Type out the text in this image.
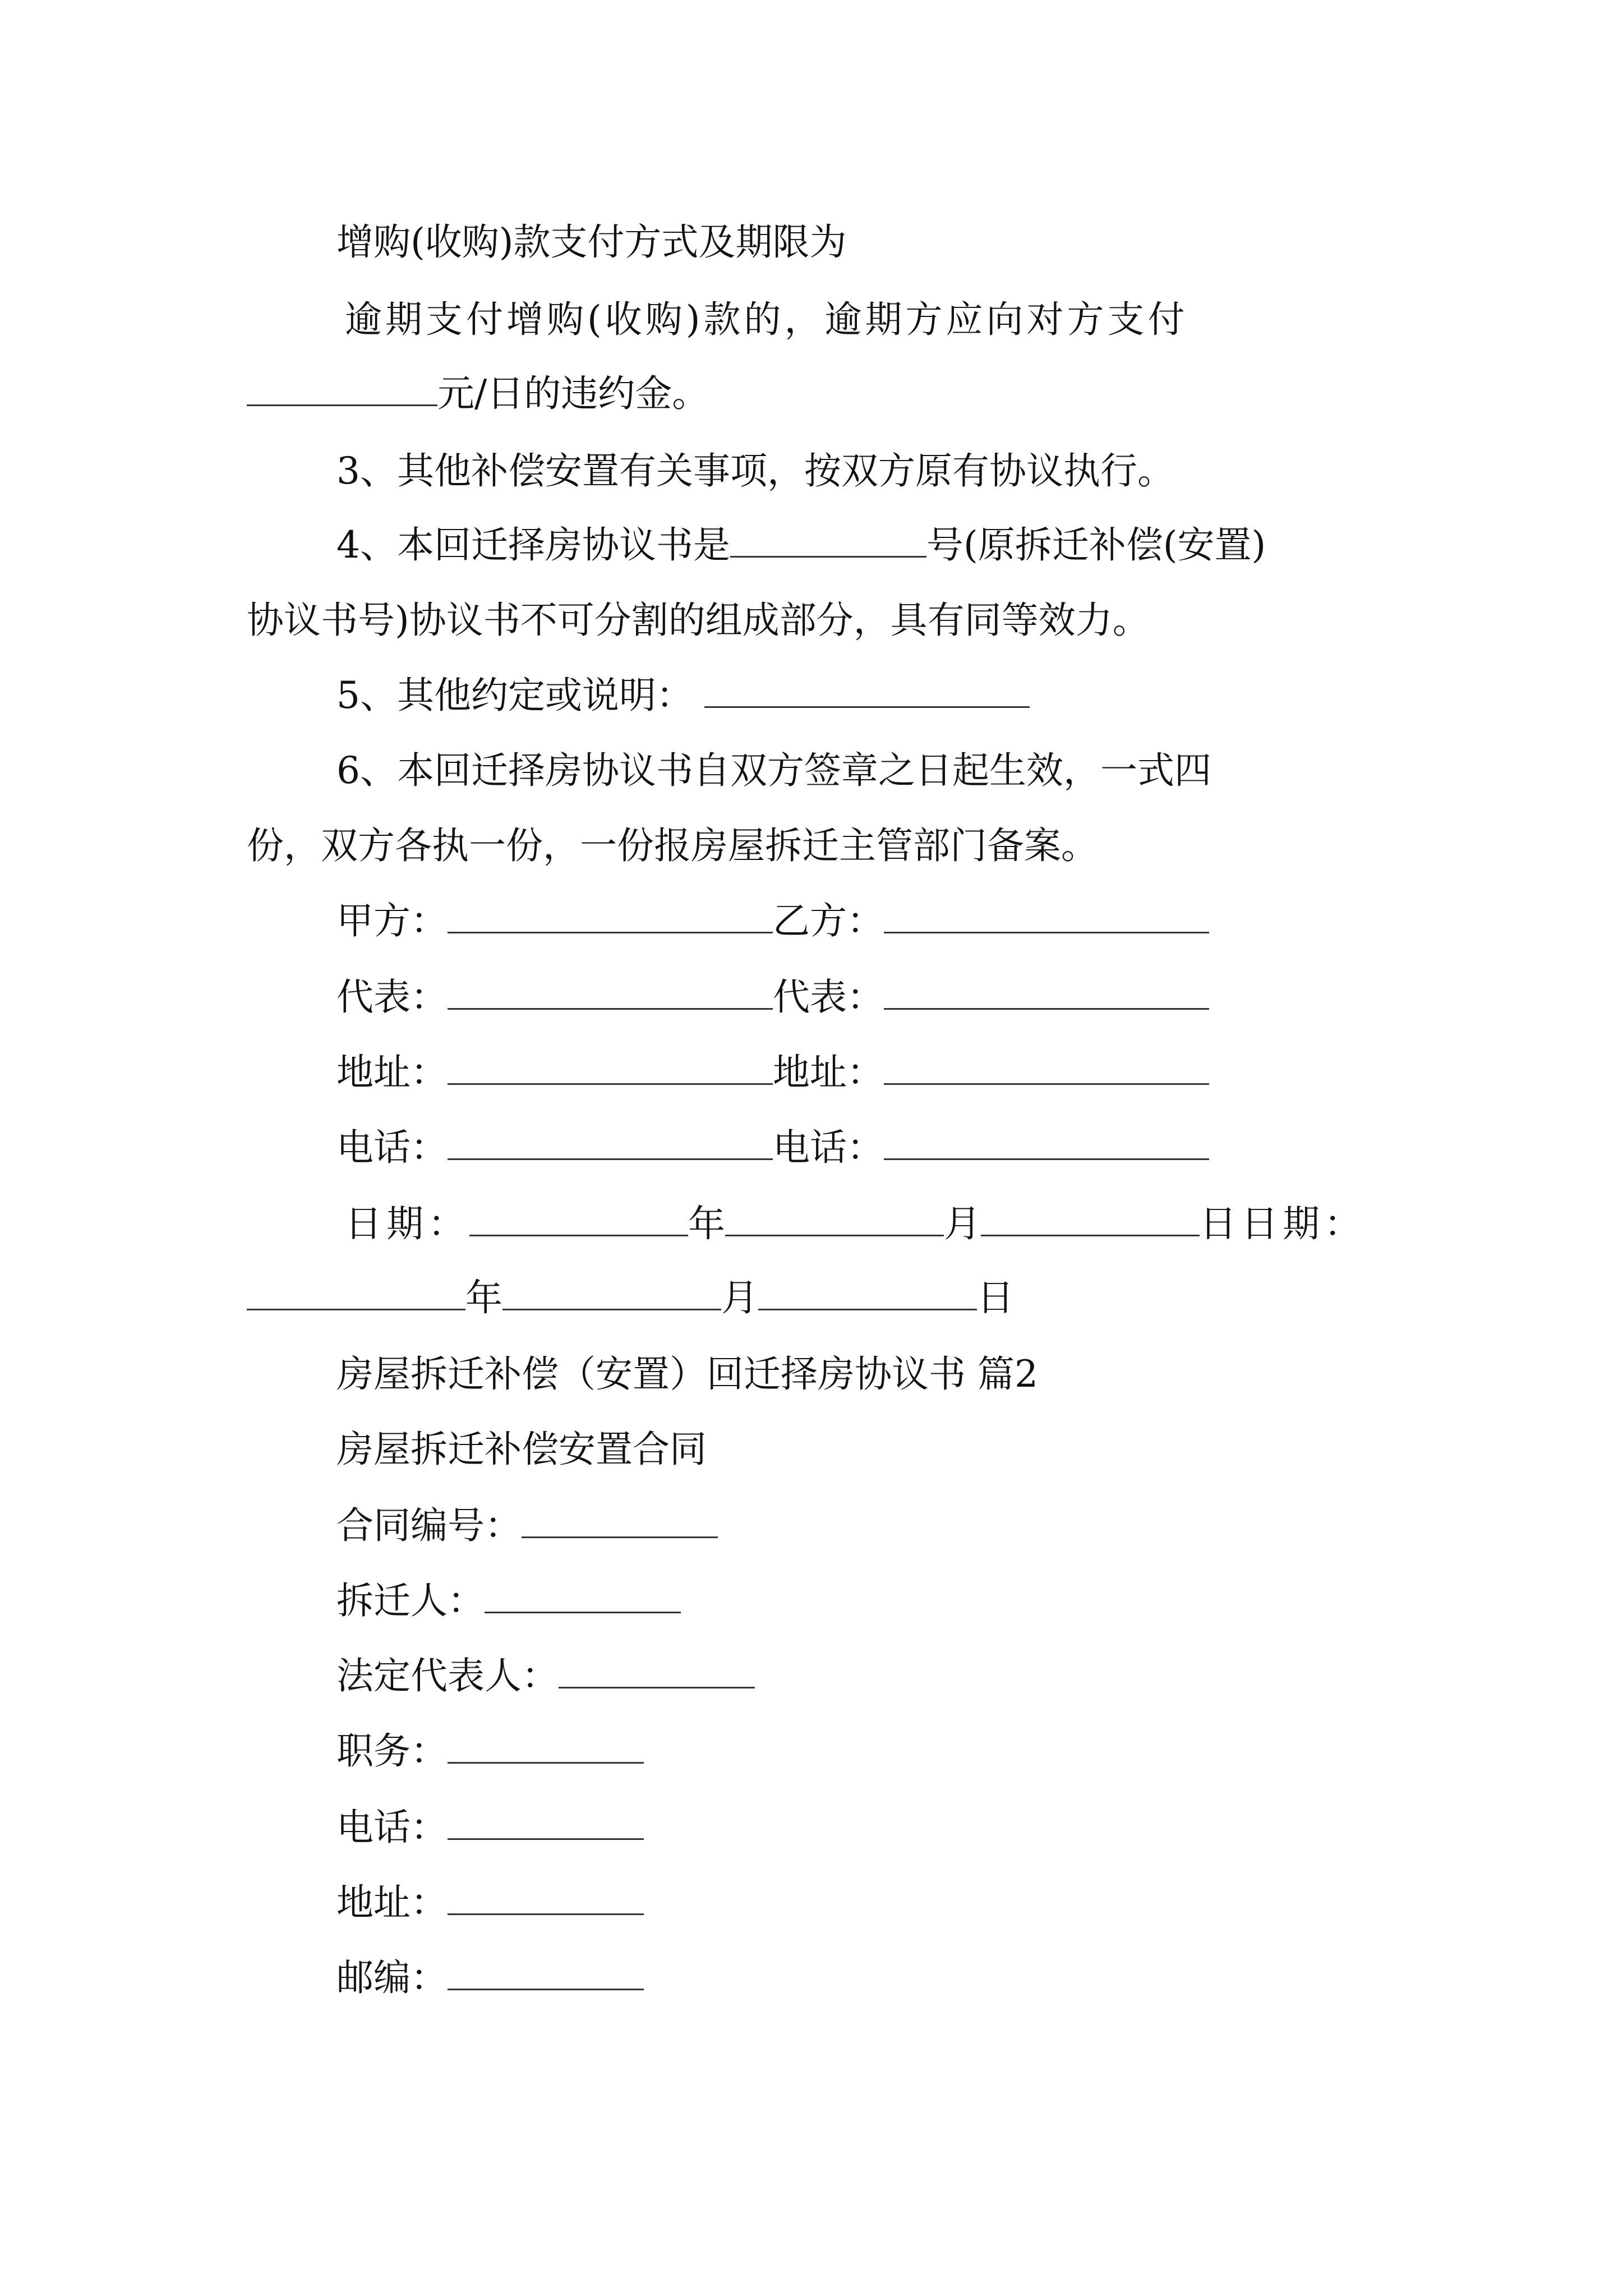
增购(收购)款支付方式及期限为
逾期支付增购(收购)款的，逾期方应向对方支付
元/日的违约金。
3、其他补偿安置有关事项，按双方原有协议执行。
4、本回迁择房协议书是	号(原拆迁补偿(安置)
协议书号)协议书不可分割的组成部分，具有同等效力。
5、其他约定或说明：
6、本回迁择房协议书自双方签章之日起生效，一式四
份，双方各执一份，一份报房屋拆迁主管部门备案。
甲方：	乙方：
代表：	代表：
地址：	地址：
电话：	电话：
日期：	年	月	日日期：
年	月	日
房屋拆迁补偿（安置）回迁择房协议书 篇2
房屋拆迁补偿安置合同
合同编号：
拆迁人：
法定代表人：
职务：
电话：
地址：
邮编：
